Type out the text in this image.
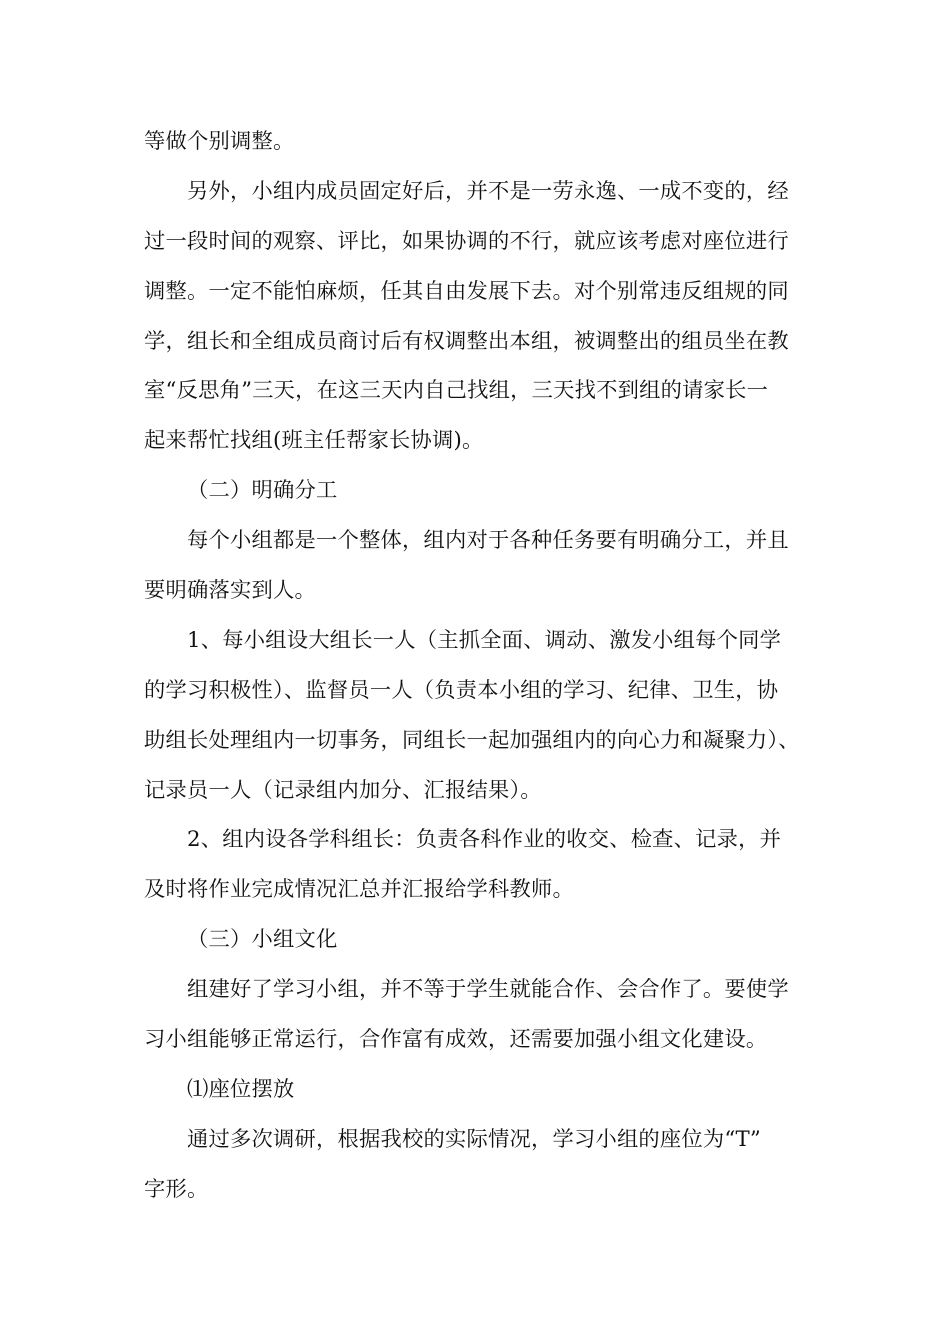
等做个别调整。
另外，小组内成员固定好后，并不是一劳永逸、一成不变的，经
过一段时间的观察、评比，如果协调的不行，就应该考虑对座位进行
调整。一定不能怕麻烦，任其自由发展下去。对个别常违反组规的同
学，组长和全组成员商讨后有权调整出本组，被调整出的组员坐在教
室“反思角”三天，在这三天内自己找组，三天找不到组的请家长一
起来帮忙找组(班主任帮家长协调)。
（二）明确分工
每个小组都是一个整体，组内对于各种任务要有明确分工，并且
要明确落实到人。
1、每小组设大组长一人（主抓全面、调动、激发小组每个同学
的学习积极性）、监督员一人（负责本小组的学习、纪律、卫生，协
助组长处理组内一切事务，同组长一起加强组内的向心力和凝聚力）、
记录员一人（记录组内加分、汇报结果）。
2、组内设各学科组长：负责各科作业的收交、检查、记录，并
及时将作业完成情况汇总并汇报给学科教师。
（三）小组文化
组建好了学习小组，并不等于学生就能合作、会合作了。要使学
习小组能够正常运行，合作富有成效，还需要加强小组文化建设。
⑴座位摆放
通过多次调研，根据我校的实际情况，学习小组的座位为“T”
字形。
